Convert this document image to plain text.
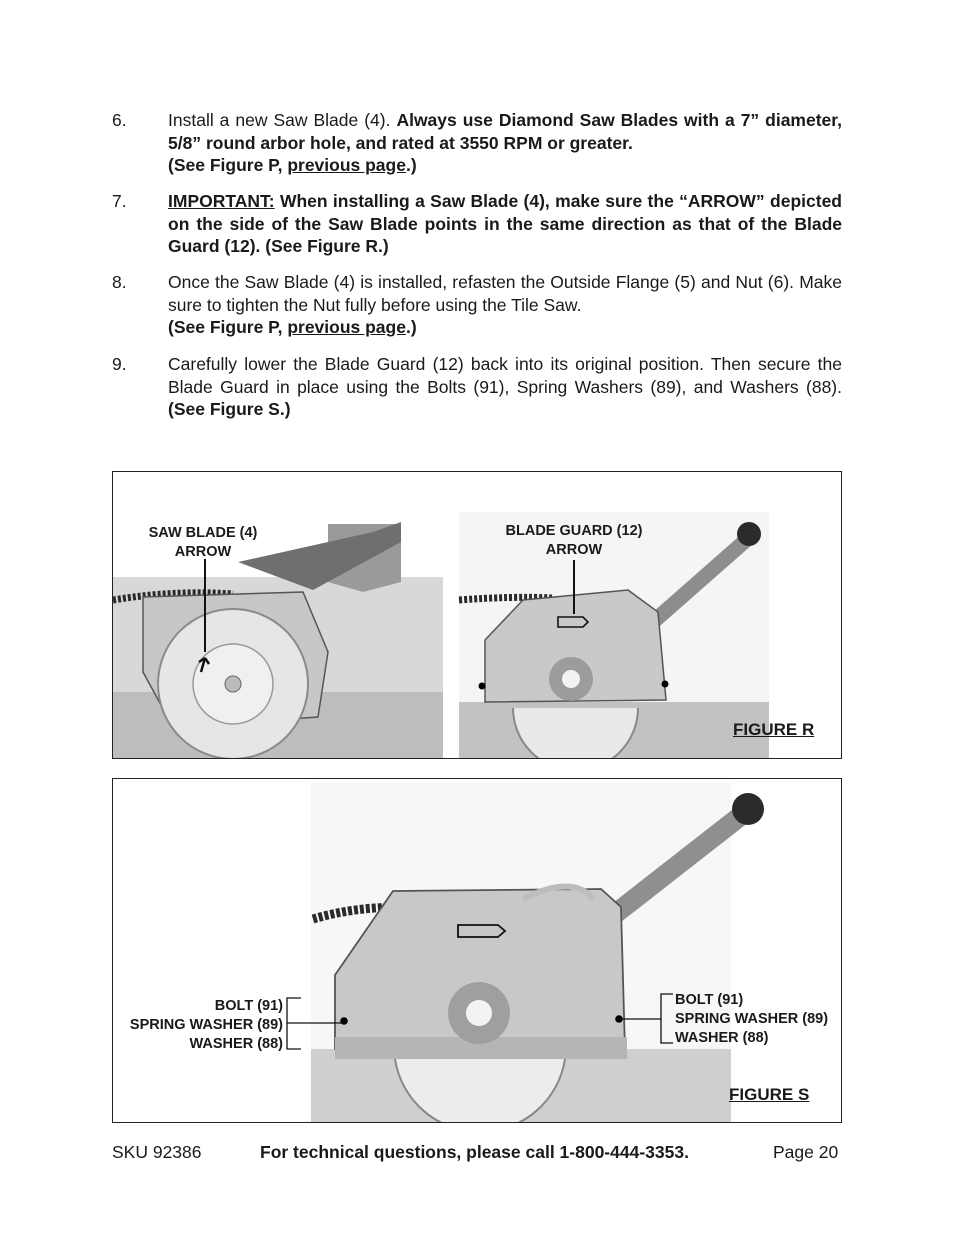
6. Install a new Saw Blade (4). Always use Diamond Saw Blades with a 7” diameter, 5/8” round arbor hole, and rated at 3550 RPM or greater.
(See Figure P, previous page.)
7. IMPORTANT: When installing a Saw Blade (4), make sure the “ARROW” depicted on the side of the Saw Blade points in the same direction as that of the Blade Guard (12). (See Figure R.)
8. Once the Saw Blade (4) is installed, refasten the Outside Flange (5) and Nut (6). Make sure to tighten the Nut fully before using the Tile Saw.
(See Figure P, previous page.)
9. Carefully lower the Blade Guard (12) back into its original position. Then secure the Blade Guard in place using the Bolts (91), Spring Washers (89), and Washers (88). (See Figure S.)
SAW BLADE (4)
ARROW
BLADE GUARD (12)
ARROW
FIGURE R
BOLT (91)
SPRING WASHER (89)
WASHER (88)
BOLT (91)
SPRING WASHER (89)
WASHER (88)
FIGURE S
SKU 92386	For technical questions, please call 1-800-444-3353.	Page 20
